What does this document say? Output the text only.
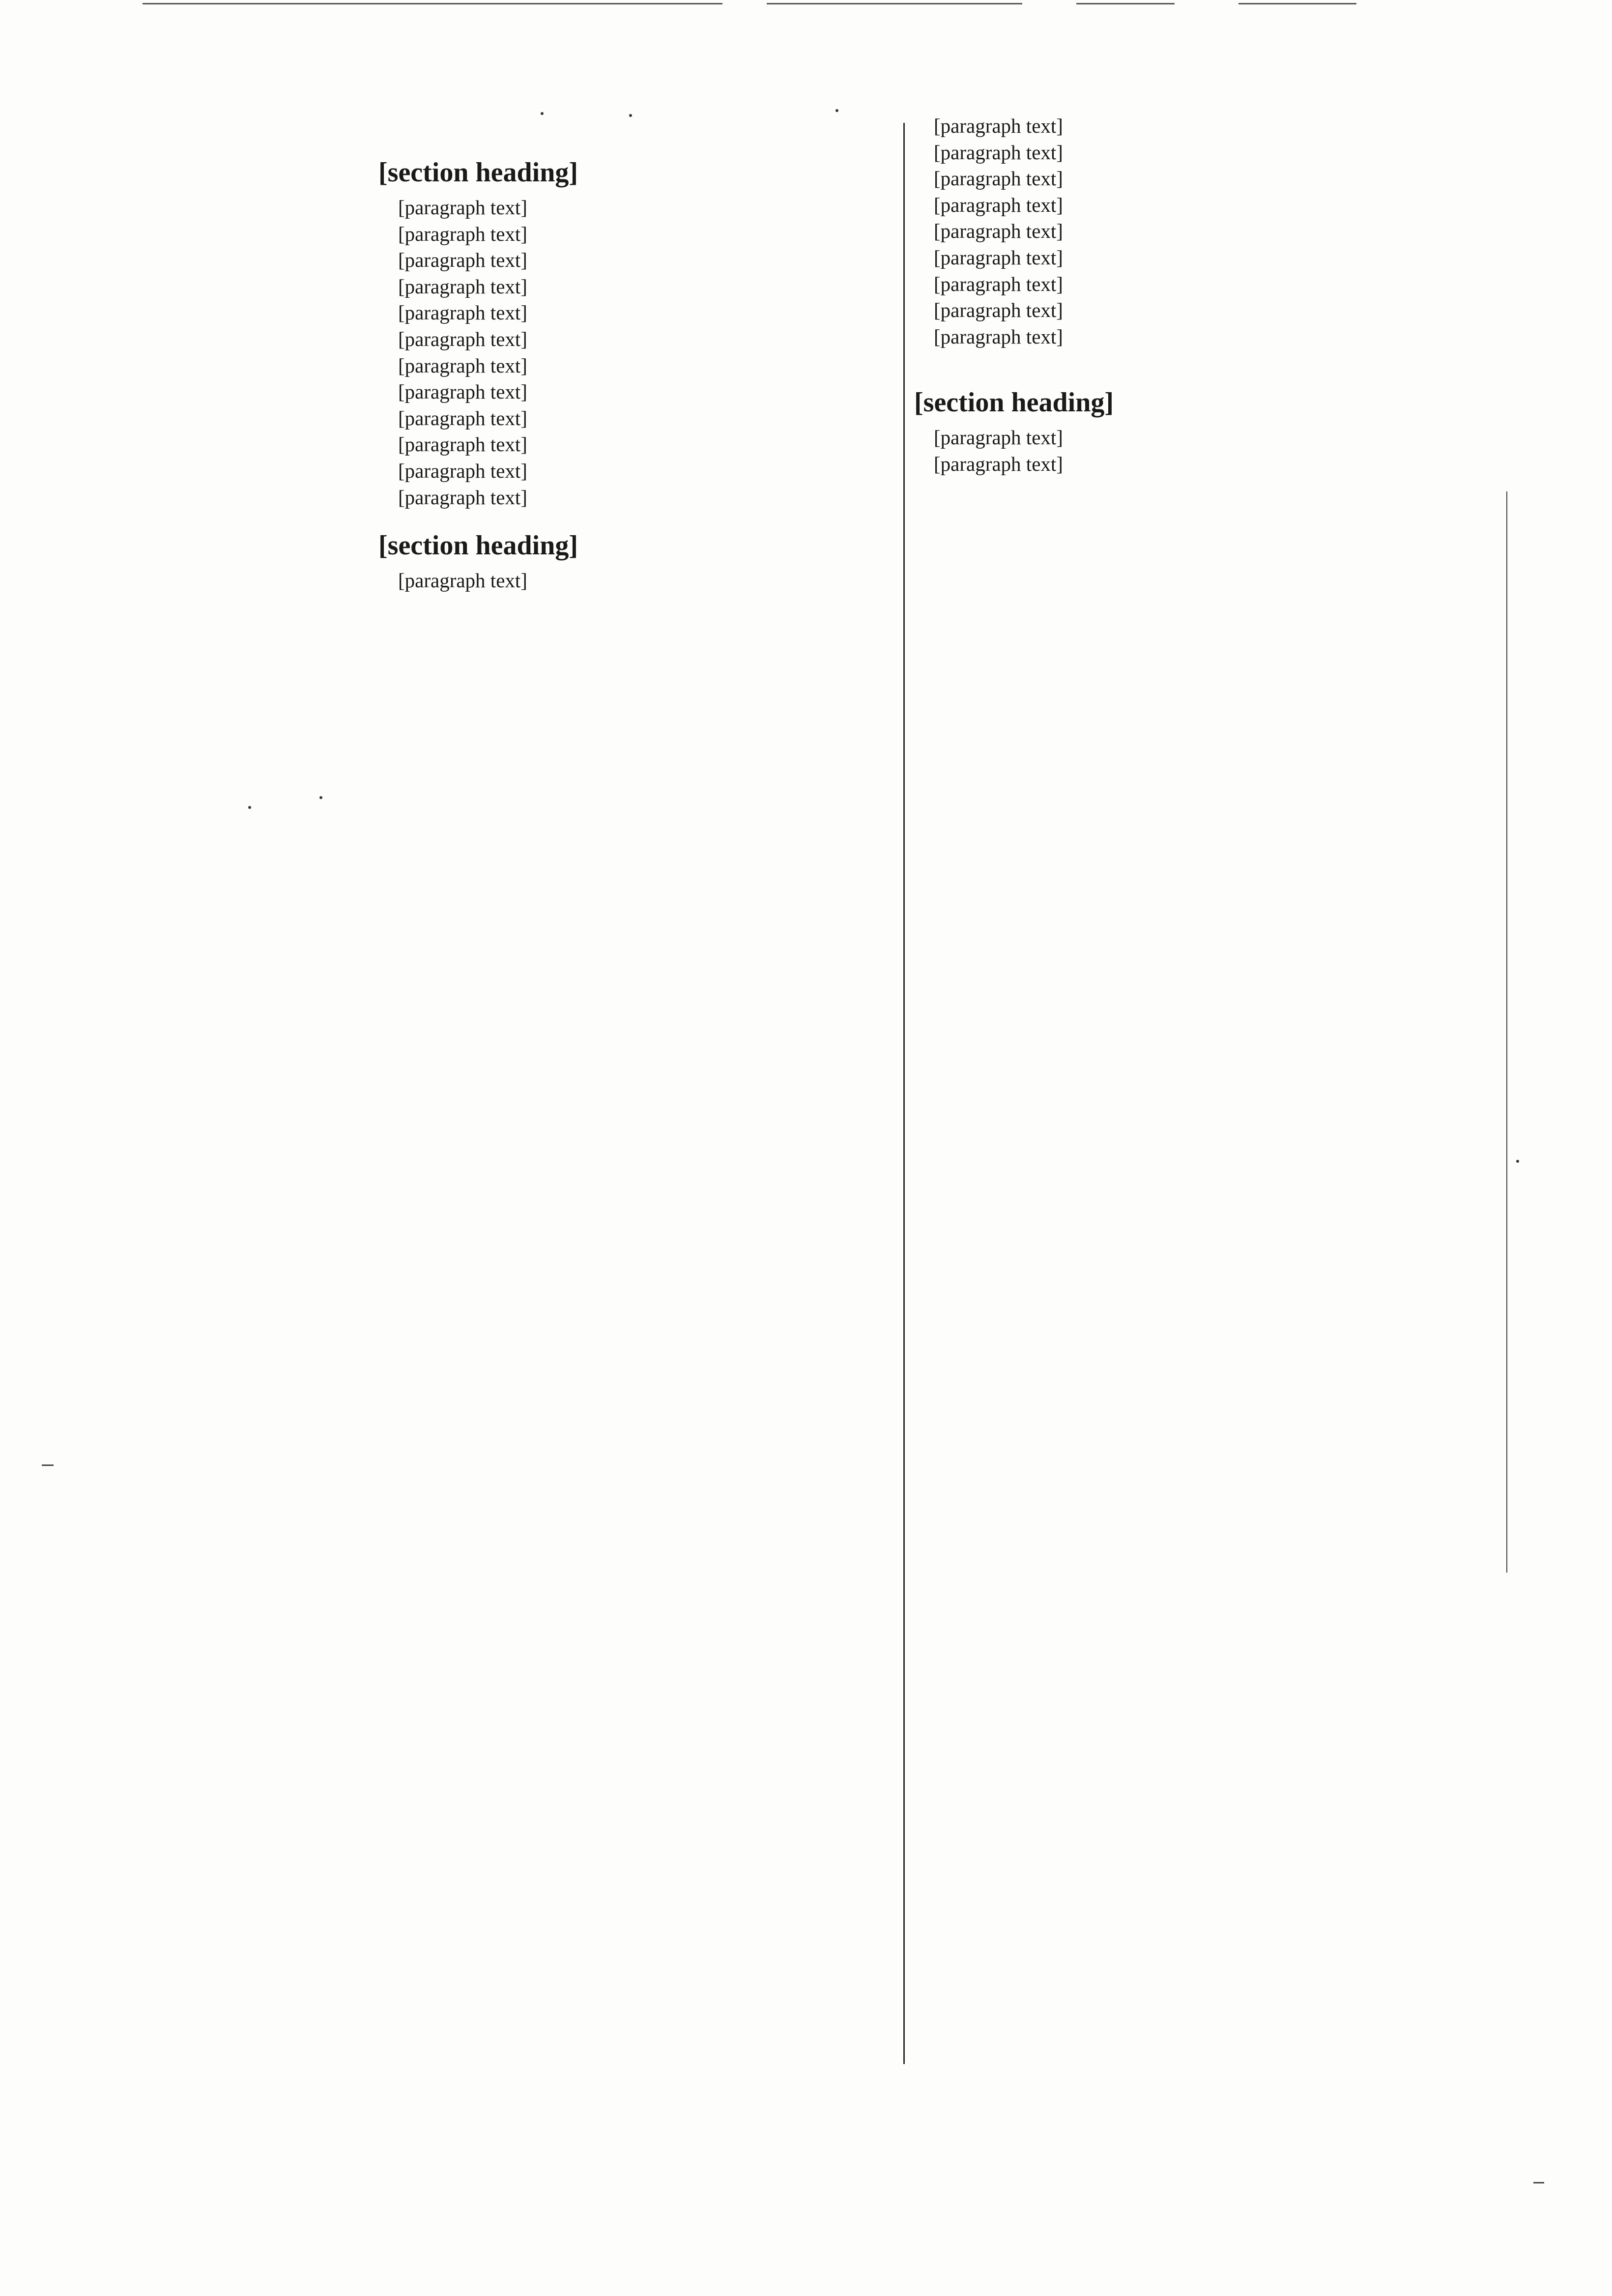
[section heading]

[paragraph text]

[paragraph text]

[paragraph text]

[paragraph text]

[paragraph text]

[paragraph text]

[paragraph text]

[paragraph text]

[paragraph text]

[paragraph text]

[paragraph text]

[paragraph text]

[section heading]

[paragraph text]

[paragraph text]

[paragraph text]

[paragraph text]

[paragraph text]

[paragraph text]

[paragraph text]

[paragraph text]

[paragraph text]

[paragraph text]

[section heading]

[paragraph text]

[paragraph text]
